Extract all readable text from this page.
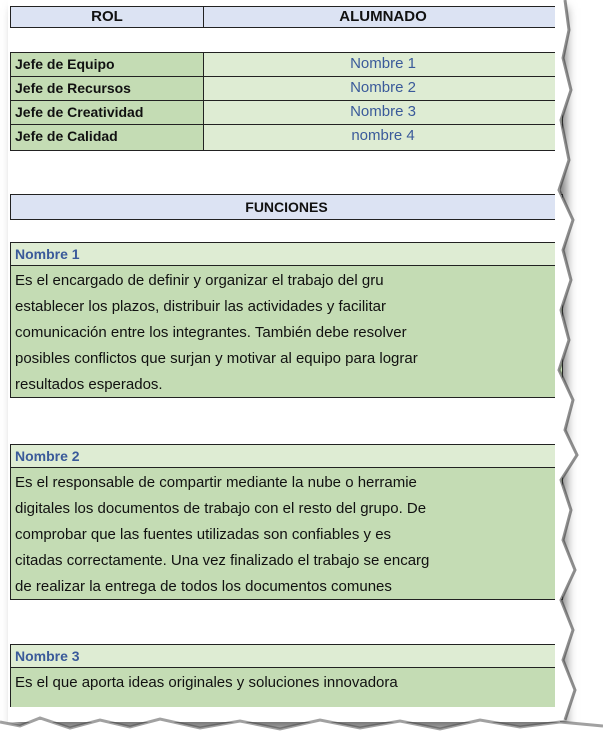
ROL	ALUMNADO
Jefe de Equipo	Nombre 1
Jefe de Recursos	Nombre 2
Jefe de Creatividad	Nombre 3
Jefe de Calidad	nombre 4
FUNCIONES
Nombre 1
Es el encargado de definir y organizar el trabajo del gru
establecer los plazos, distribuir las actividades y facilitar
comunicación entre los integrantes. También debe resolver
posibles conflictos que surjan y motivar al equipo para lograr
resultados esperados.
Nombre 2
Es el responsable de compartir mediante la nube o herramie
digitales los documentos de trabajo con el resto del grupo. De
comprobar que las fuentes utilizadas son confiables y es
citadas correctamente. Una vez finalizado el trabajo se encarg
de realizar la entrega de todos los documentos comunes
Nombre 3
Es el que aporta ideas originales y soluciones innovadora
